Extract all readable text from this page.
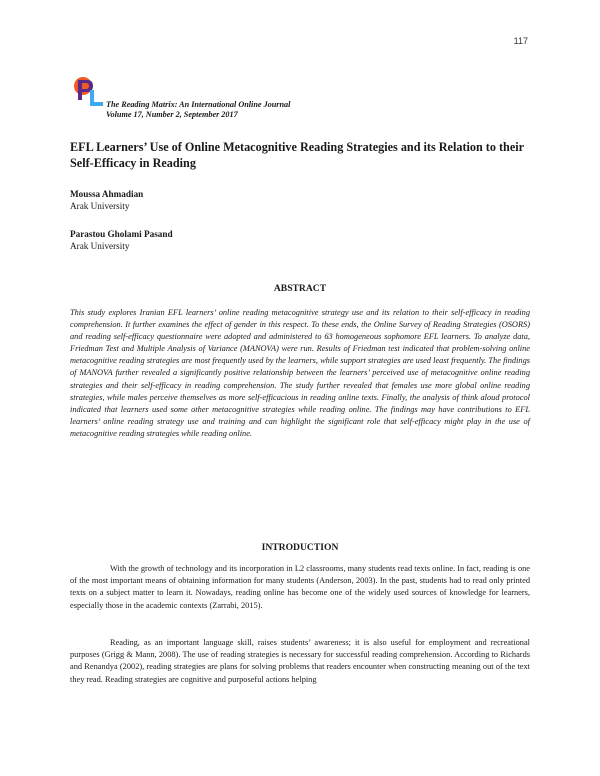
117
The Reading Matrix: An International Online Journal
Volume 17, Number 2, September 2017
EFL Learners’ Use of Online Metacognitive Reading Strategies and its Relation to their Self-Efficacy in Reading
Moussa Ahmadian
Arak University
Parastou Gholami Pasand
Arak University
ABSTRACT

This study explores Iranian EFL learners’ online reading metacognitive strategy use and its relation to their self-efficacy in reading comprehension. It further examines the effect of gender in this respect. To these ends, the Online Survey of Reading Strategies (OSORS) and reading self-efficacy questionnaire were adopted and administered to 63 homogeneous sophomore EFL learners. To analyze data, Friedman Test and Multiple Analysis of Variance (MANOVA) were run. Results of Friedman test indicated that problem-solving online metacognitive reading strategies are most frequently used by the learners, while support strategies are used least frequently. The findings of MANOVA further revealed a significantly positive relationship between the learners’ perceived use of metacognitive online reading strategies and their self-efficacy in reading comprehension. The study further revealed that females use more global online reading strategies, while males perceive themselves as more self-efficacious in reading online texts. Finally, the analysis of think aloud protocol indicated that learners used some other metacognitive strategies while reading online. The findings may have contributions to EFL learners’ online reading strategy use and training and can highlight the significant role that self-efficacy might play in the use of metacognitive reading strategies while reading online.

INTRODUCTION

With the growth of technology and its incorporation in L2 classrooms, many students read texts online. In fact, reading is one of the most important means of obtaining information for many students (Anderson, 2003). In the past, students had to read only printed texts on a subject matter to learn it. Nowadays, reading online has become one of the widely used sources of knowledge for learners, especially those in the academic contexts (Zarrabi, 2015).

Reading, as an important language skill, raises students’ awareness; it is also useful for employment and recreational purposes (Grigg & Mann, 2008). The use of reading strategies is necessary for successful reading comprehension. According to Richards and Renandya (2002), reading strategies are plans for solving problems that readers encounter when constructing meaning out of the text they read. Reading strategies are cognitive and purposeful actions helping
